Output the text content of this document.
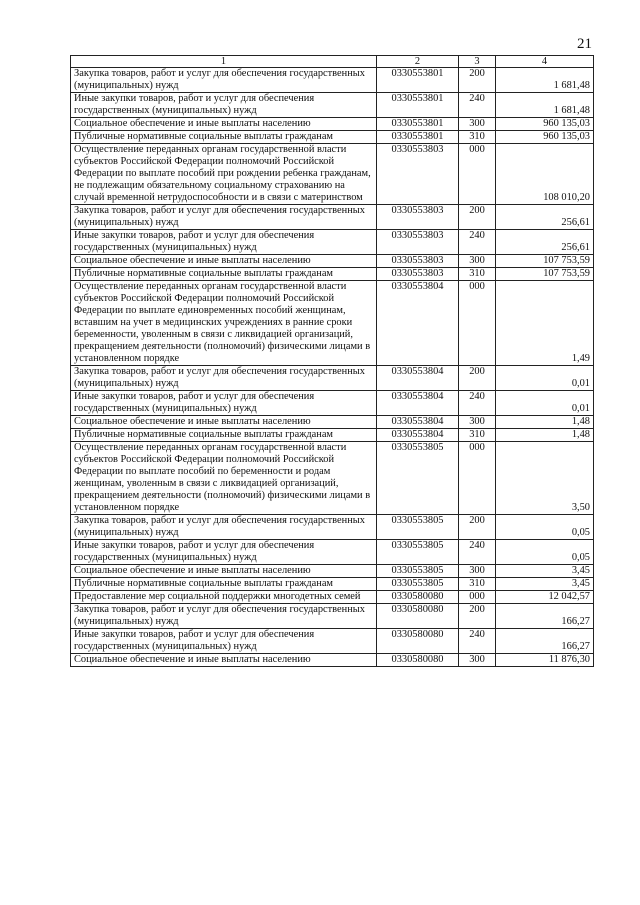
21
1	2	3	4
Закупка товаров, работ и услуг для обеспечения государственных (муниципальных) нужд	0330553801	200	1 681,48
Иные закупки товаров, работ и услуг для обеспечения государственных (муниципальных) нужд	0330553801	240	1 681,48
Социальное обеспечение и иные выплаты населению	0330553801	300	960 135,03
Публичные нормативные социальные выплаты гражданам	0330553801	310	960 135,03
Осуществление переданных органам государственной власти субъектов Российской Федерации полномочий Российской Федерации по выплате пособий при рождении ребенка гражданам, не подлежащим обязательному социальному страхованию на случай временной нетрудоспособности и в связи с материнством	0330553803	000	108 010,20
Закупка товаров, работ и услуг для обеспечения государственных (муниципальных) нужд	0330553803	200	256,61
Иные закупки товаров, работ и услуг для обеспечения государственных (муниципальных) нужд	0330553803	240	256,61
Социальное обеспечение и иные выплаты населению	0330553803	300	107 753,59
Публичные нормативные социальные выплаты гражданам	0330553803	310	107 753,59
Осуществление переданных органам государственной власти субъектов Российской Федерации полномочий Российской Федерации по выплате единовременных пособий женщинам, вставшим на учет в медицинских учреждениях в ранние сроки беременности, уволенным в связи с ликвидацией организаций, прекращением деятельности (полномочий) физическими лицами в установленном порядке	0330553804	000	1,49
Закупка товаров, работ и услуг для обеспечения государственных (муниципальных) нужд	0330553804	200	0,01
Иные закупки товаров, работ и услуг для обеспечения государственных (муниципальных) нужд	0330553804	240	0,01
Социальное обеспечение и иные выплаты населению	0330553804	300	1,48
Публичные нормативные социальные выплаты гражданам	0330553804	310	1,48
Осуществление переданных органам государственной власти субъектов Российской Федерации полномочий Российской Федерации по выплате пособий по беременности и родам женщинам, уволенным в связи с ликвидацией организаций, прекращением деятельности (полномочий) физическими лицами в установленном порядке	0330553805	000	3,50
Закупка товаров, работ и услуг для обеспечения государственных (муниципальных) нужд	0330553805	200	0,05
Иные закупки товаров, работ и услуг для обеспечения государственных (муниципальных) нужд	0330553805	240	0,05
Социальное обеспечение и иные выплаты населению	0330553805	300	3,45
Публичные нормативные социальные выплаты гражданам	0330553805	310	3,45
Предоставление мер социальной поддержки многодетных семей	0330580080	000	12 042,57
Закупка товаров, работ и услуг для обеспечения государственных (муниципальных) нужд	0330580080	200	166,27
Иные закупки товаров, работ и услуг для обеспечения государственных (муниципальных) нужд	0330580080	240	166,27
Социальное обеспечение и иные выплаты населению	0330580080	300	11 876,30
